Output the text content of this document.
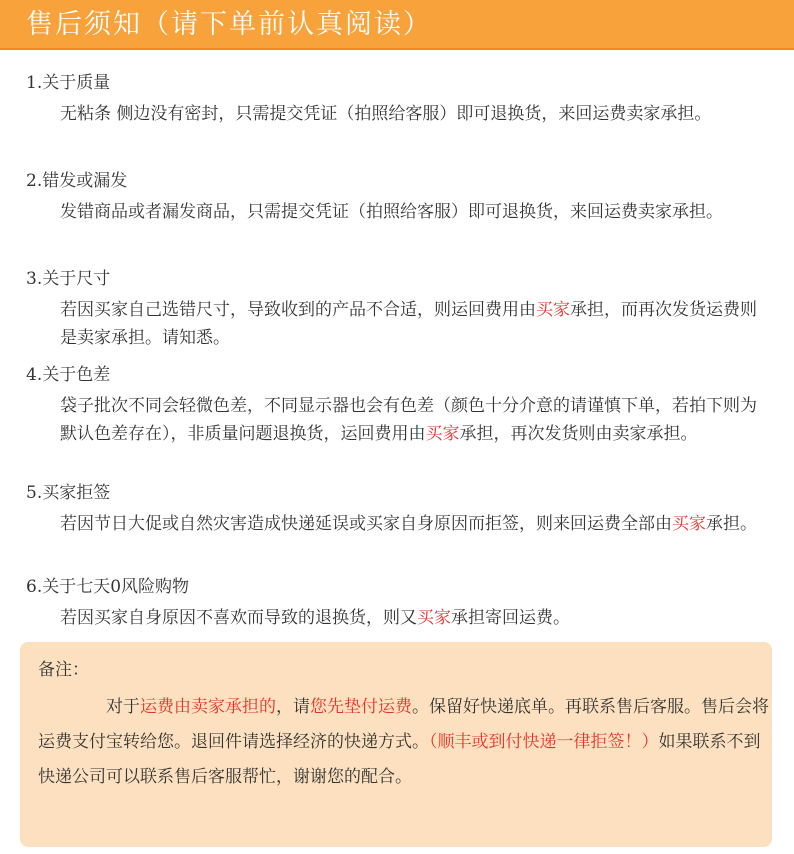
售后须知（请下单前认真阅读）
1.关于质量
无粘条 侧边没有密封，只需提交凭证（拍照给客服）即可退换货，来回运费卖家承担。
2.错发或漏发
发错商品或者漏发商品，只需提交凭证（拍照给客服）即可退换货，来回运费卖家承担。
3.关于尺寸
若因买家自己选错尺寸，导致收到的产品不合适，则运回费用由买家承担，而再次发货运费则是卖家承担。请知悉。
4.关于色差
袋子批次不同会轻微色差，不同显示器也会有色差（颜色十分介意的请谨慎下单，若拍下则为默认色差存在），非质量问题退换货，运回费用由买家承担，再次发货则由卖家承担。
5.买家拒签
若因节日大促或自然灾害造成快递延误或买家自身原因而拒签，则来回运费全部由买家承担。
6.关于七天0风险购物
若因买家自身原因不喜欢而导致的退换货，则又买家承担寄回运费。
备注：
对于运费由卖家承担的，请您先垫付运费。保留好快递底单。再联系售后客服。售后会将运费支付宝转给您。退回件请选择经济的快递方式。（顺丰或到付快递一律拒签！）如果联系不到快递公司可以联系售后客服帮忙，谢谢您的配合。
